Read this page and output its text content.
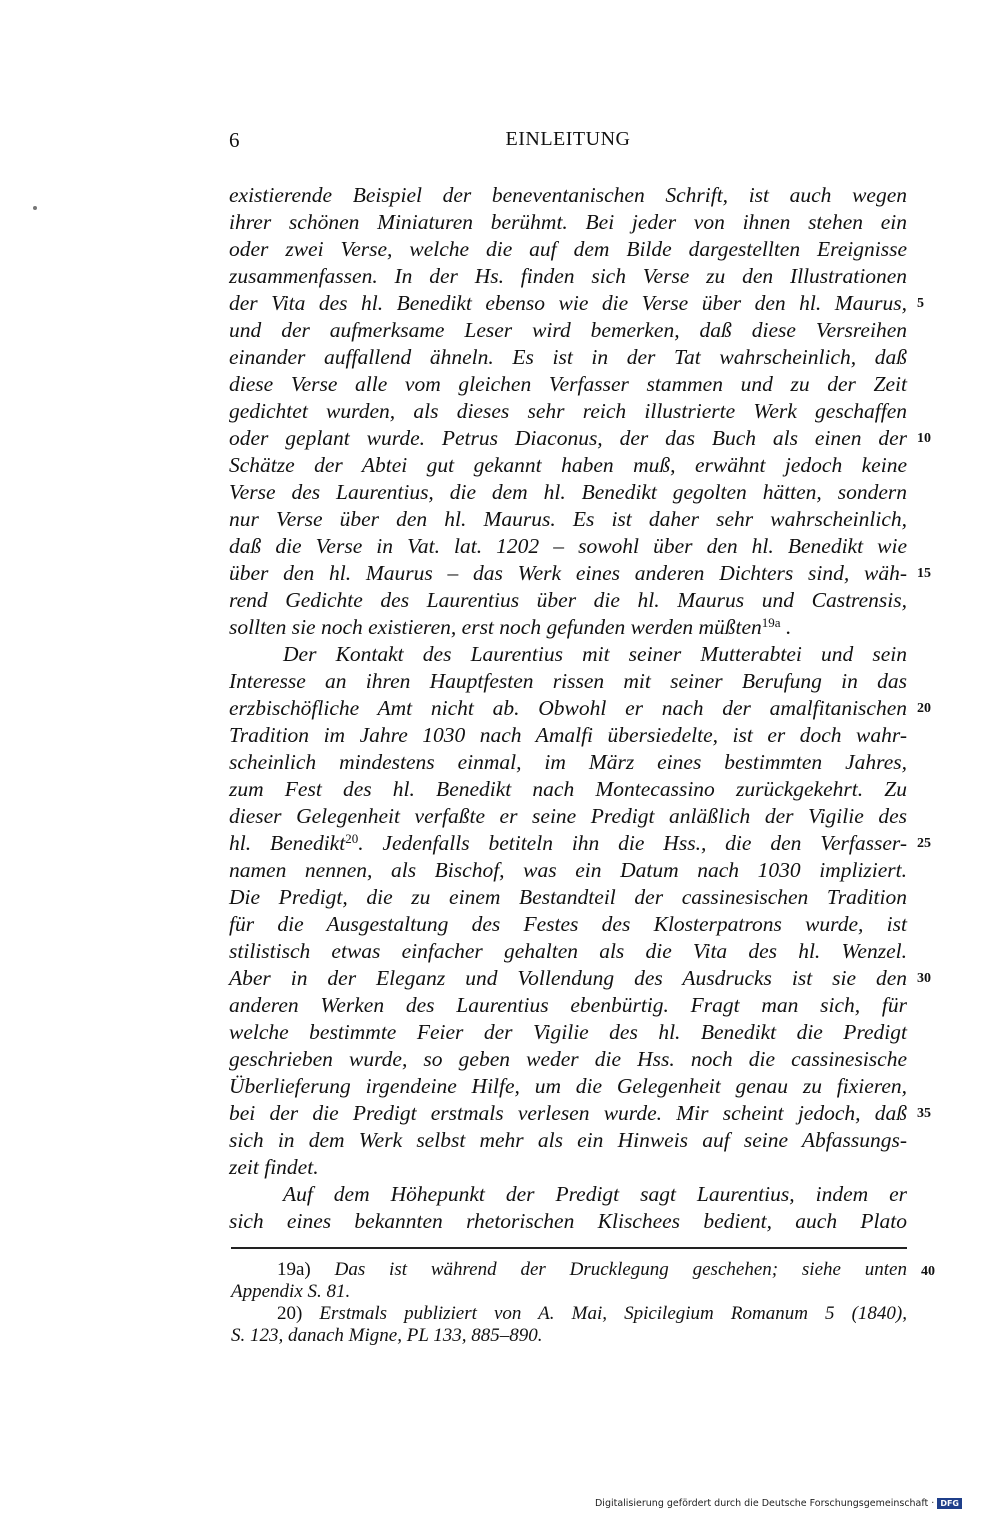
6	EINLEITUNG
existierende Beispiel der beneventanischen Schrift, ist auch wegen
ihrer schönen Miniaturen berühmt. Bei jeder von ihnen stehen ein
oder zwei Verse, welche die auf dem Bilde dargestellten Ereignisse
zusammenfassen. In der Hs. finden sich Verse zu den Illustrationen
der Vita des hl. Benedikt ebenso wie die Verse über den hl. Maurus, 5
und der aufmerksame Leser wird bemerken, daß diese Versreihen
einander auffallend ähneln. Es ist in der Tat wahrscheinlich, daß
diese Verse alle vom gleichen Verfasser stammen und zu der Zeit
gedichtet wurden, als dieses sehr reich illustrierte Werk geschaffen
oder geplant wurde. Petrus Diaconus, der das Buch als einen der 10
Schätze der Abtei gut gekannt haben muß, erwähnt jedoch keine
Verse des Laurentius, die dem hl. Benedikt gegolten hätten, sondern
nur Verse über den hl. Maurus. Es ist daher sehr wahrscheinlich,
daß die Verse in Vat. lat. 1202 – sowohl über den hl. Benedikt wie
über den hl. Maurus – das Werk eines anderen Dichters sind, wäh- 15
rend Gedichte des Laurentius über die hl. Maurus und Castrensis,
sollten sie noch existieren, erst noch gefunden werden müßten$^{19a}$ .
Der Kontakt des Laurentius mit seiner Mutterabtei und sein
Interesse an ihren Hauptfesten rissen mit seiner Berufung in das
erzbischöfliche Amt nicht ab. Obwohl er nach der amalfitanischen 20
Tradition im Jahre 1030 nach Amalfi übersiedelte, ist er doch wahr-
scheinlich mindestens einmal, im März eines bestimmten Jahres,
zum Fest des hl. Benedikt nach Montecassino zurückgekehrt. Zu
dieser Gelegenheit verfaßte er seine Predigt anläßlich der Vigilie des
hl. Benedikt$^{20}$. Jedenfalls betiteln ihn die Hss., die den Verfasser- 25
namen nennen, als Bischof, was ein Datum nach 1030 impliziert.
Die Predigt, die zu einem Bestandteil der cassinesischen Tradition
für die Ausgestaltung des Festes des Klosterpatrons wurde, ist
stilistisch etwas einfacher gehalten als die Vita des hl. Wenzel.
Aber in der Eleganz und Vollendung des Ausdrucks ist sie den 30
anderen Werken des Laurentius ebenbürtig. Fragt man sich, für
welche bestimmte Feier der Vigilie des hl. Benedikt die Predigt
geschrieben wurde, so geben weder die Hss. noch die cassinesische
Überlieferung irgendeine Hilfe, um die Gelegenheit genau zu fixieren,
bei der die Predigt erstmals verlesen wurde. Mir scheint jedoch, daß 35
sich in dem Werk selbst mehr als ein Hinweis auf seine Abfassungs-
zeit findet.
Auf dem Höhepunkt der Predigt sagt Laurentius, indem er
sich eines bekannten rhetorischen Klischees bedient, auch Plato
19a) Das ist während der Drucklegung geschehen; siehe unten 40
Appendix S. 81.
20) Erstmals publiziert von A. Mai, Spicilegium Romanum 5 (1840),
S. 123, danach Migne, PL 133, 885–890.
Digitalisierung gefördert durch die Deutsche Forschungsgemeinschaft · DFG
